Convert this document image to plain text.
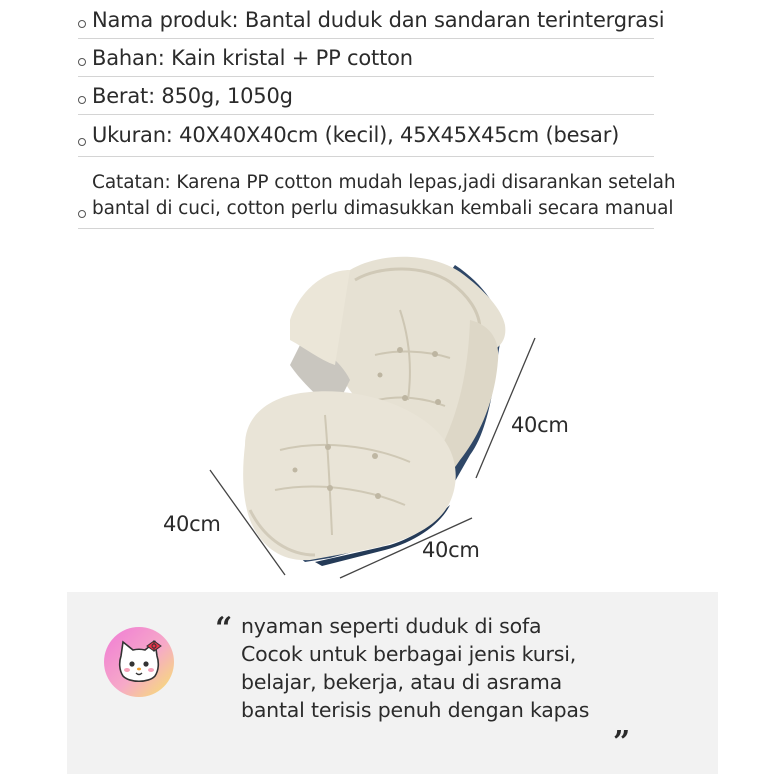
Nama produk: Bantal duduk dan sandaran terintergrasi
Bahan: Kain kristal + PP cotton
Berat: 850g, 1050g
Ukuran: 40X40X40cm (kecil), 45X45X45cm (besar)
Catatan: Karena PP cotton mudah lepas,jadi disarankan setelah
bantal di cuci, cotton perlu dimasukkan kembali secara manual
40cm
40cm
40cm
“ nyaman seperti duduk di sofa
Cocok untuk berbagai jenis kursi,
belajar, bekerja, atau di asrama
bantal terisis penuh dengan kapas
”
